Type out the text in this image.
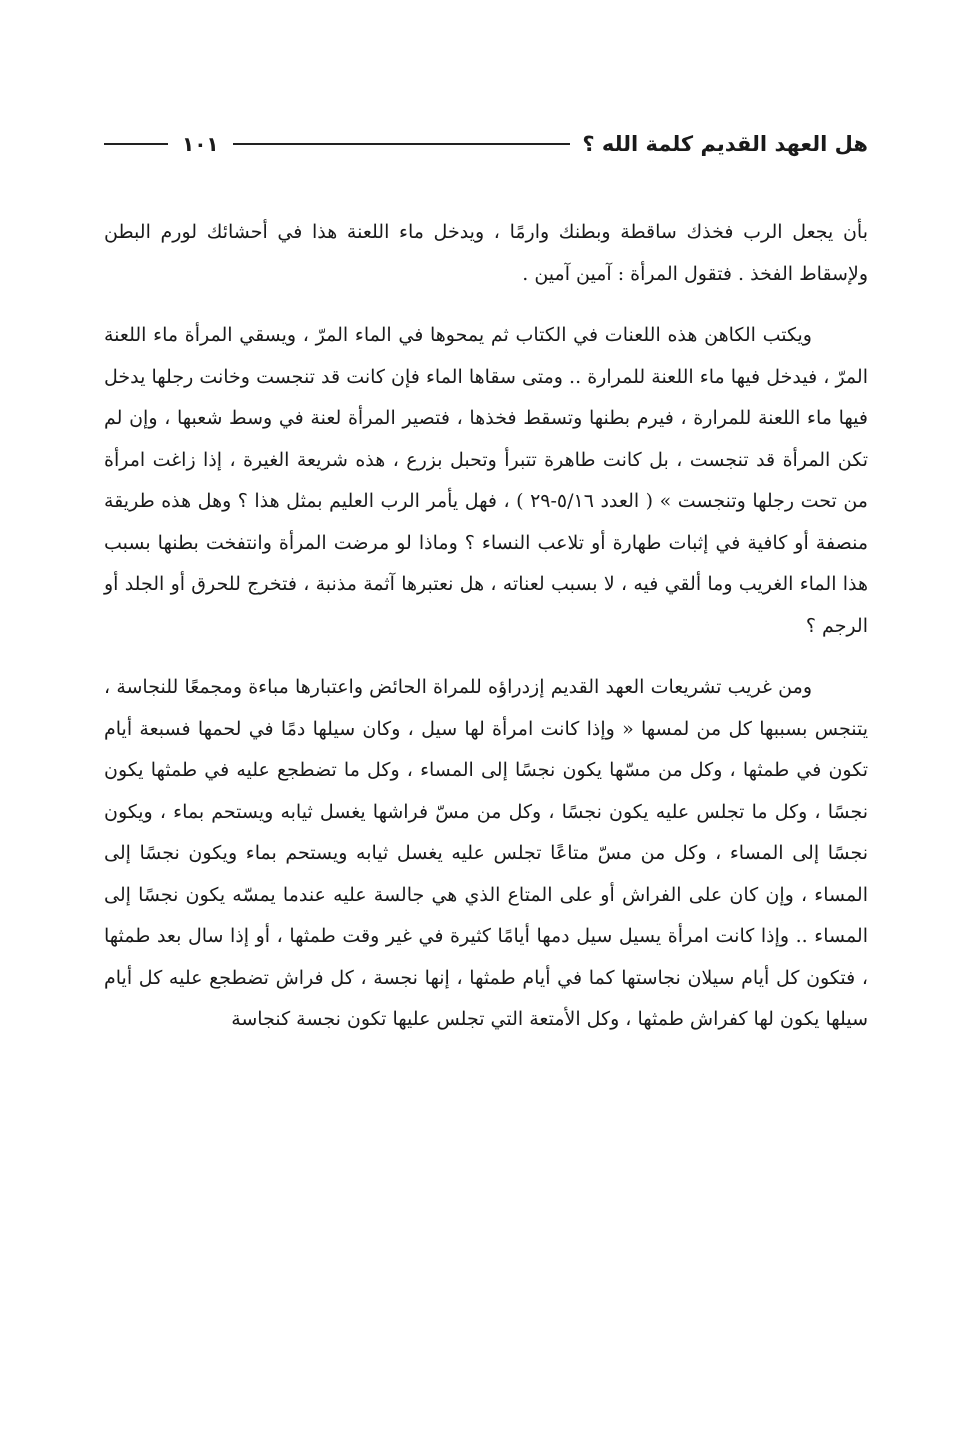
هل العهد القديم كلمة الله ؟
١٠١

بأن يجعل الرب فخذك ساقطة وبطنك وارمًا ، ويدخل ماء اللعنة هذا في أحشائك لورم البطن ولإسقاط الفخذ . فتقول المرأة : آمين آمين .

ويكتب الكاهن هذه اللعنات في الكتاب ثم يمحوها في الماء المرّ ، ويسقي المرأة ماء اللعنة المرّ ، فيدخل فيها ماء اللعنة للمرارة .. ومتى سقاها الماء فإن كانت قد تنجست وخانت رجلها يدخل فيها ماء اللعنة للمرارة ، فيرم بطنها وتسقط فخذها ، فتصير المرأة لعنة في وسط شعبها ، وإن لم تكن المرأة قد تنجست ، بل كانت طاهرة تتبرأ وتحبل بزرع ، هذه شريعة الغيرة ، إذا زاغت امرأة من تحت رجلها وتنجست » ( العدد ٥/١٦-٢٩ ) ، فهل يأمر الرب العليم بمثل هذا ؟ وهل هذه طريقة منصفة أو كافية في إثبات طهارة أو تلاعب النساء ؟ وماذا لو مرضت المرأة وانتفخت بطنها بسبب هذا الماء الغريب وما ألقي فيه ، لا بسبب لعناته ، هل نعتبرها آثمة مذنبة ، فتخرج للحرق أو الجلد أو الرجم ؟

ومن غريب تشريعات العهد القديم إزدراؤه للمراة الحائض واعتبارها مباءة ومجمعًا للنجاسة ، يتنجس بسببها كل من لمسها « وإذا كانت امرأة لها سيل ، وكان سيلها دمًا في لحمها فسبعة أيام تكون في طمثها ، وكل من مسّها يكون نجسًا إلى المساء ، وكل ما تضطجع عليه في طمثها يكون نجسًا ، وكل ما تجلس عليه يكون نجسًا ، وكل من مسّ فراشها يغسل ثيابه ويستحم بماء ، ويكون نجسًا إلى المساء ، وكل من مسّ متاعًا تجلس عليه يغسل ثيابه ويستحم بماء ويكون نجسًا إلى المساء ، وإن كان على الفراش أو على المتاع الذي هي جالسة عليه عندما يمسّه يكون نجسًا إلى المساء .. وإذا كانت امرأة يسيل سيل دمها أيامًا كثيرة في غير وقت طمثها ، أو إذا سال بعد طمثها ، فتكون كل أيام سيلان نجاستها كما في أيام طمثها ، إنها نجسة ، كل فراش تضطجع عليه كل أيام سيلها يكون لها كفراش طمثها ، وكل الأمتعة التي تجلس عليها تكون نجسة كنجاسة
